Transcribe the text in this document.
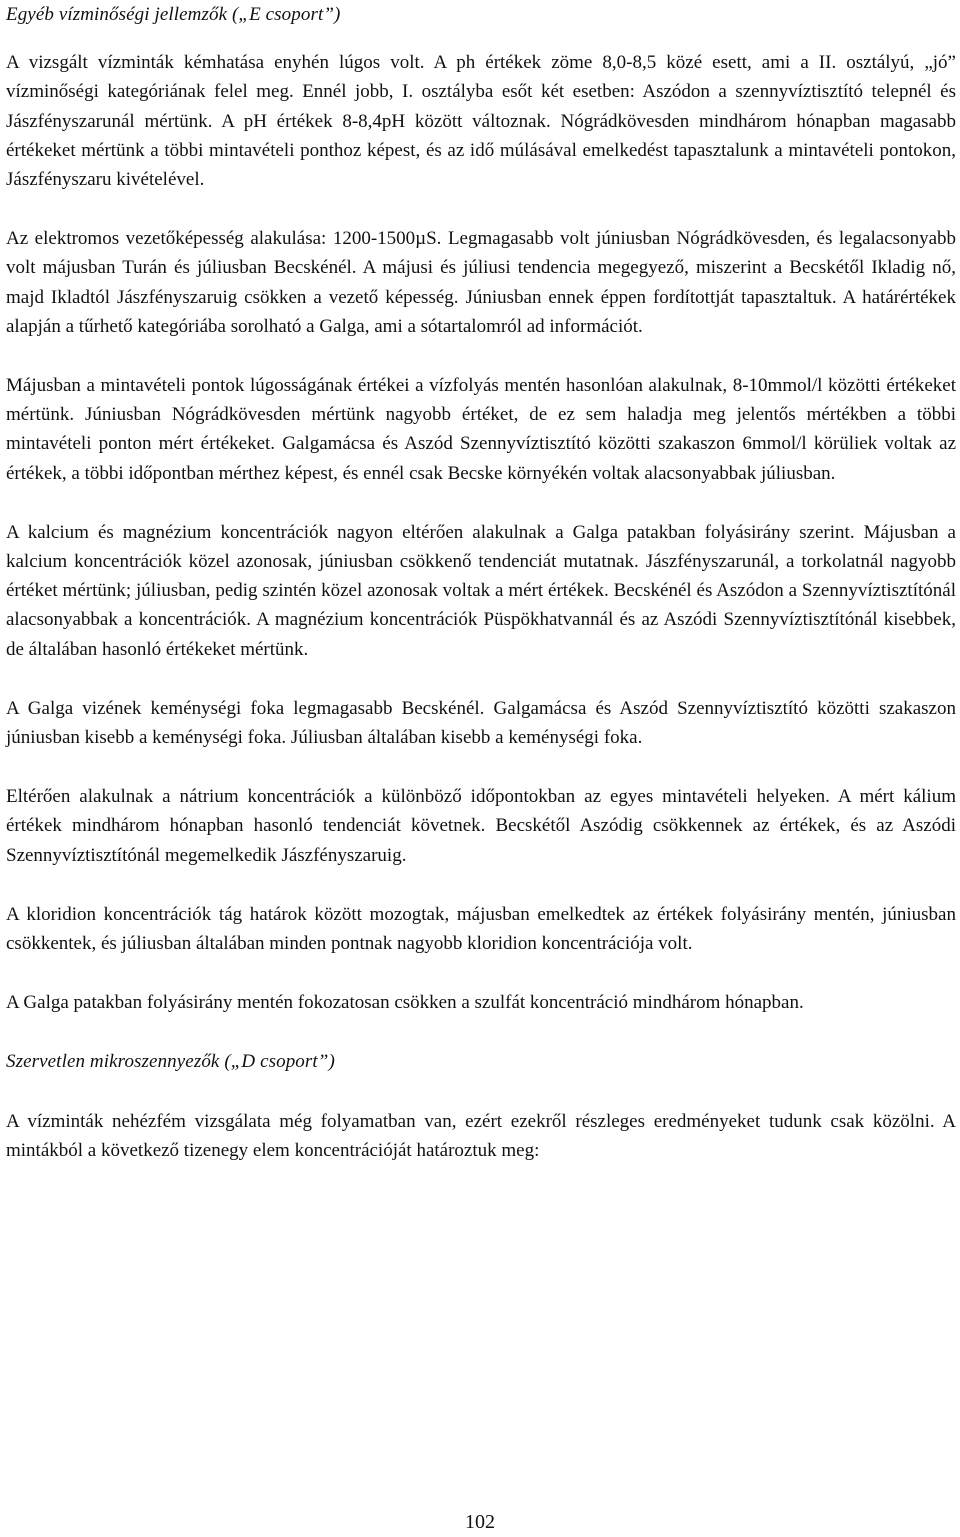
Egyéb vízminőségi jellemzők („E csoport”)

A vizsgált vízminták kémhatása enyhén lúgos volt. A ph értékek zöme 8,0-8,5 közé esett, ami a II. osztályú, „jó” vízminőségi kategóriának felel meg. Ennél jobb, I. osztályba esőt két esetben: Aszódon a szennyvíztisztító telepnél és Jászfényszarunál mértünk. A pH értékek 8-8,4pH között változnak. Nógrádkövesden mindhárom hónapban magasabb értékeket mértünk a többi mintavételi ponthoz képest, és az idő múlásával emelkedést tapasztalunk a mintavételi pontokon, Jászfényszaru kivételével.

Az elektromos vezetőképesség alakulása: 1200-1500µS. Legmagasabb volt júniusban Nógrádkövesden, és legalacsonyabb volt májusban Turán és júliusban Becskénél. A májusi és júliusi tendencia megegyező, miszerint a Becskétől Ikladig nő, majd Ikladtól Jászfényszaruig csökken a vezető képesség. Júniusban ennek éppen fordítottját tapasztaltuk. A határértékek alapján a tűrhető kategóriába sorolható a Galga, ami a sótartalomról ad információt.

Májusban a mintavételi pontok lúgosságának értékei a vízfolyás mentén hasonlóan alakulnak, 8-10mmol/l közötti értékeket mértünk. Júniusban Nógrádkövesden mértünk nagyobb értéket, de ez sem haladja meg jelentős mértékben a többi mintavételi ponton mért értékeket. Galgamácsa és Aszód Szennyvíztisztító közötti szakaszon 6mmol/l körüliek voltak az értékek, a többi időpontban mérthez képest, és ennél csak Becske környékén voltak alacsonyabbak júliusban.

A kalcium és magnézium koncentrációk nagyon eltérően alakulnak a Galga patakban folyásirány szerint. Májusban a kalcium koncentrációk közel azonosak, júniusban csökkenő tendenciát mutatnak. Jászfényszarunál, a torkolatnál nagyobb értéket mértünk; júliusban, pedig szintén közel azonosak voltak a mért értékek. Becskénél és Aszódon a Szennyvíztisztítónál alacsonyabbak a koncentrációk. A magnézium koncentrációk Püspökhatvannál és az Aszódi Szennyvíztisztítónál kisebbek, de általában hasonló értékeket mértünk.

A Galga vizének keménységi foka legmagasabb Becskénél. Galgamácsa és Aszód Szennyvíztisztító közötti szakaszon júniusban kisebb a keménységi foka. Júliusban általában kisebb a keménységi foka.

Eltérően alakulnak a nátrium koncentrációk a különböző időpontokban az egyes mintavételi helyeken. A mért kálium értékek mindhárom hónapban hasonló tendenciát követnek. Becskétől Aszódig csökkennek az értékek, és az Aszódi Szennyvíztisztítónál megemelkedik Jászfényszaruig.

A kloridion koncentrációk tág határok között mozogtak, májusban emelkedtek az értékek folyásirány mentén, júniusban csökkentek, és júliusban általában minden pontnak nagyobb kloridion koncentrációja volt.

A Galga patakban folyásirány mentén fokozatosan csökken a szulfát koncentráció mindhárom hónapban.

Szervetlen mikroszennyezők („D csoport”)

A vízminták nehézfém vizsgálata még folyamatban van, ezért ezekről részleges eredményeket tudunk csak közölni. A mintákból a következő tizenegy elem koncentrációját határoztuk meg:

102
